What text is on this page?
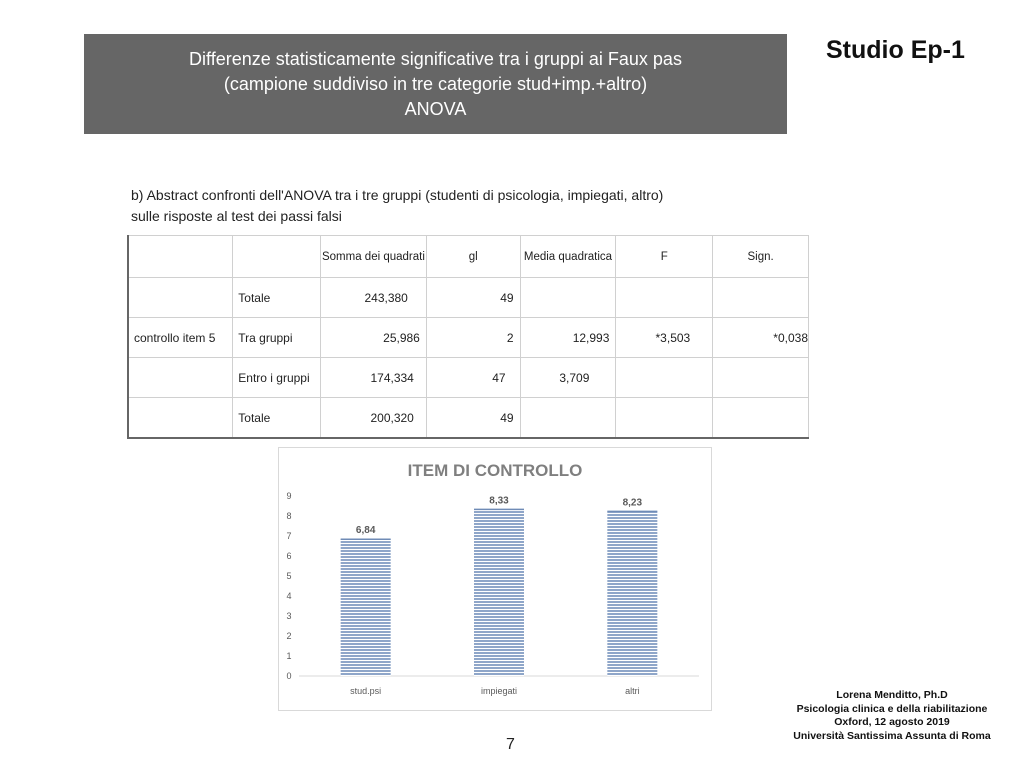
Differenze statisticamente significative tra i gruppi ai Faux pas
(campione suddiviso in tre categorie stud+imp.+altro)
ANOVA
Studio Ep-1
b) Abstract confronti dell'ANOVA tra i tre gruppi (studenti di psicologia, impiegati, altro)
sulle risposte al test dei passi falsi
		Somma dei quadrati	gl	Media quadratica	F	Sign.
	Totale	243,380	49			
controllo item 5	Tra gruppi	25,986	2	12,993	*3,503	*0,038
	Entro i gruppi	174,334	47	3,709		
	Totale	200,320	49			
ITEM DI CONTROLLO
0
1
2
3
4
5
6
7
8
9
6,84
stud.psi
8,33
impiegati
8,23
altri
7
Lorena Menditto, Ph.D
Psicologia clinica e della riabilitazione
Oxford, 12 agosto 2019
Università Santissima Assunta di Roma
